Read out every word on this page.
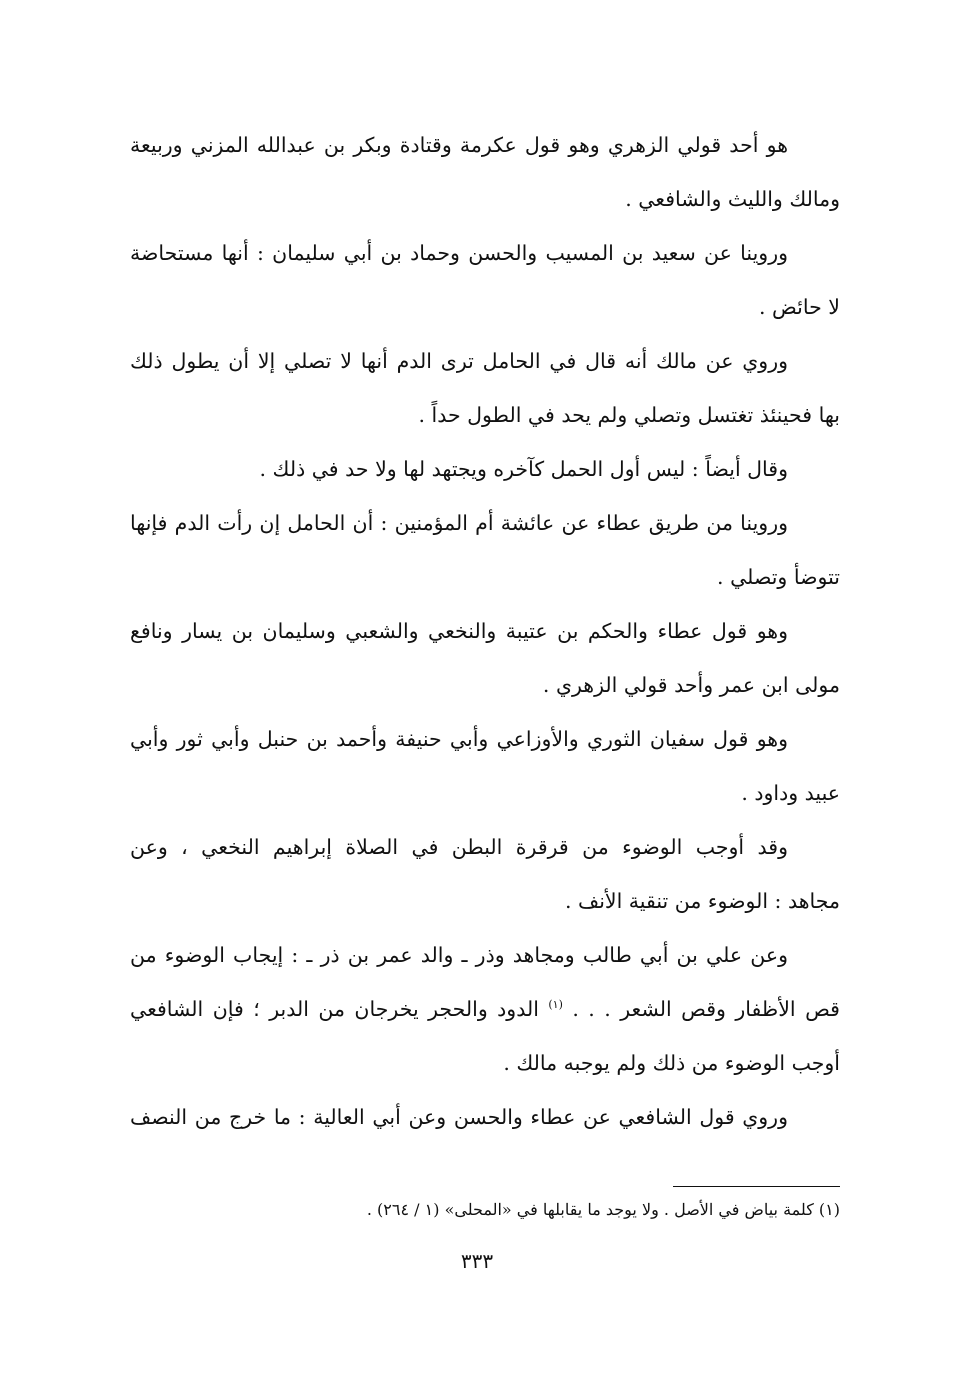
هو أحد قولي الزهري وهو قول عكرمة وقتادة وبكر بن عبدالله المزني وربيعة
ومالك والليث والشافعي .
وروينا عن سعيد بن المسيب والحسن وحماد بن أبي سليمان : أنها مستحاضة
لا حائض .
وروي عن مالك أنه قال في الحامل ترى الدم أنها لا تصلي إلا أن يطول ذلك
بها فحينئذ تغتسل وتصلي ولم يحد في الطول حداً .
وقال أيضاً : ليس أول الحمل كآخره ويجتهد لها ولا حد في ذلك .
وروينا من طريق عطاء عن عائشة أم المؤمنين : أن الحامل إن رأت الدم فإنها
تتوضأ وتصلي .
وهو قول عطاء والحكم بن عتيبة والنخعي والشعبي وسليمان بن يسار ونافع
مولى ابن عمر وأحد قولي الزهري .
وهو قول سفيان الثوري والأوزاعي وأبي حنيفة وأحمد بن حنبل وأبي ثور وأبي
عبيد وداود .
وقد أوجب الوضوء من قرقرة البطن في الصلاة إبراهيم النخعي ، وعن
مجاهد : الوضوء من تنقية الأنف .
وعن علي بن أبي طالب ومجاهد وذر ـ والد عمر بن ذر ـ : إيجاب الوضوء من
قص الأظفار وقص الشعر . . . $^{(١)}$ الدود والحجر يخرجان من الدبر ؛ فإن الشافعي
أوجب الوضوء من ذلك ولم يوجبه مالك .
وروي قول الشافعي عن عطاء والحسن وعن أبي العالية : ما خرج من النصف
(١) كلمة بياض في الأصل . ولا يوجد ما يقابلها في «المحلى» (١ / ٢٦٤) .
٣٣٣
